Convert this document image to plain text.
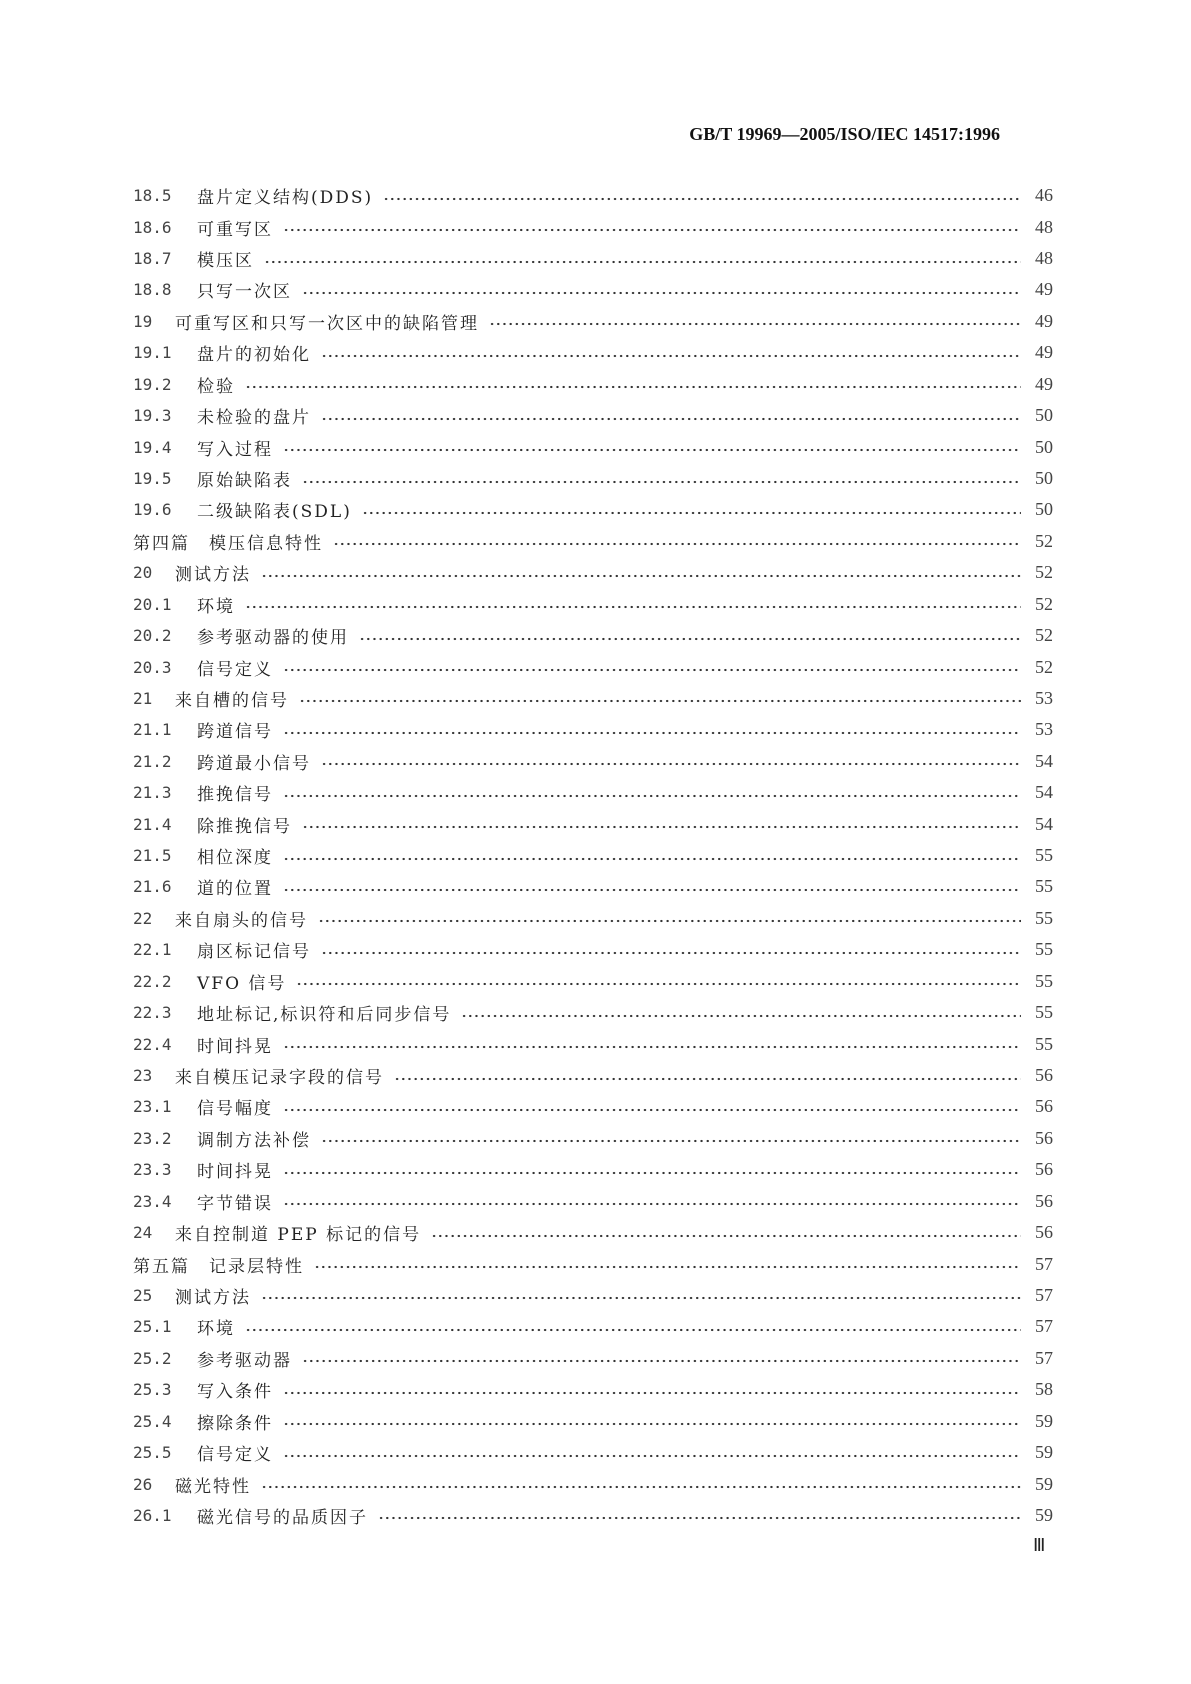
GB/T 19969—2005/ISO/IEC 14517:1996
18.5	盘片定义结构(DDS)	46
18.6	可重写区	48
18.7	模压区	48
18.8	只写一次区	49
19	可重写区和只写一次区中的缺陷管理	49
19.1	盘片的初始化	49
19.2	检验	49
19.3	未检验的盘片	50
19.4	写入过程	50
19.5	原始缺陷表	50
19.6	二级缺陷表(SDL)	50
第四篇　模压信息特性	52
20	测试方法	52
20.1	环境	52
20.2	参考驱动器的使用	52
20.3	信号定义	52
21	来自槽的信号	53
21.1	跨道信号	53
21.2	跨道最小信号	54
21.3	推挽信号	54
21.4	除推挽信号	54
21.5	相位深度	55
21.6	道的位置	55
22	来自扇头的信号	55
22.1	扇区标记信号	55
22.2	VFO 信号	55
22.3	地址标记,标识符和后同步信号	55
22.4	时间抖晃	55
23	来自模压记录字段的信号	56
23.1	信号幅度	56
23.2	调制方法补偿	56
23.3	时间抖晃	56
23.4	字节错误	56
24	来自控制道 PEP 标记的信号	56
第五篇　记录层特性	57
25	测试方法	57
25.1	环境	57
25.2	参考驱动器	57
25.3	写入条件	58
25.4	擦除条件	59
25.5	信号定义	59
26	磁光特性	59
26.1	磁光信号的品质因子	59
Ⅲ
